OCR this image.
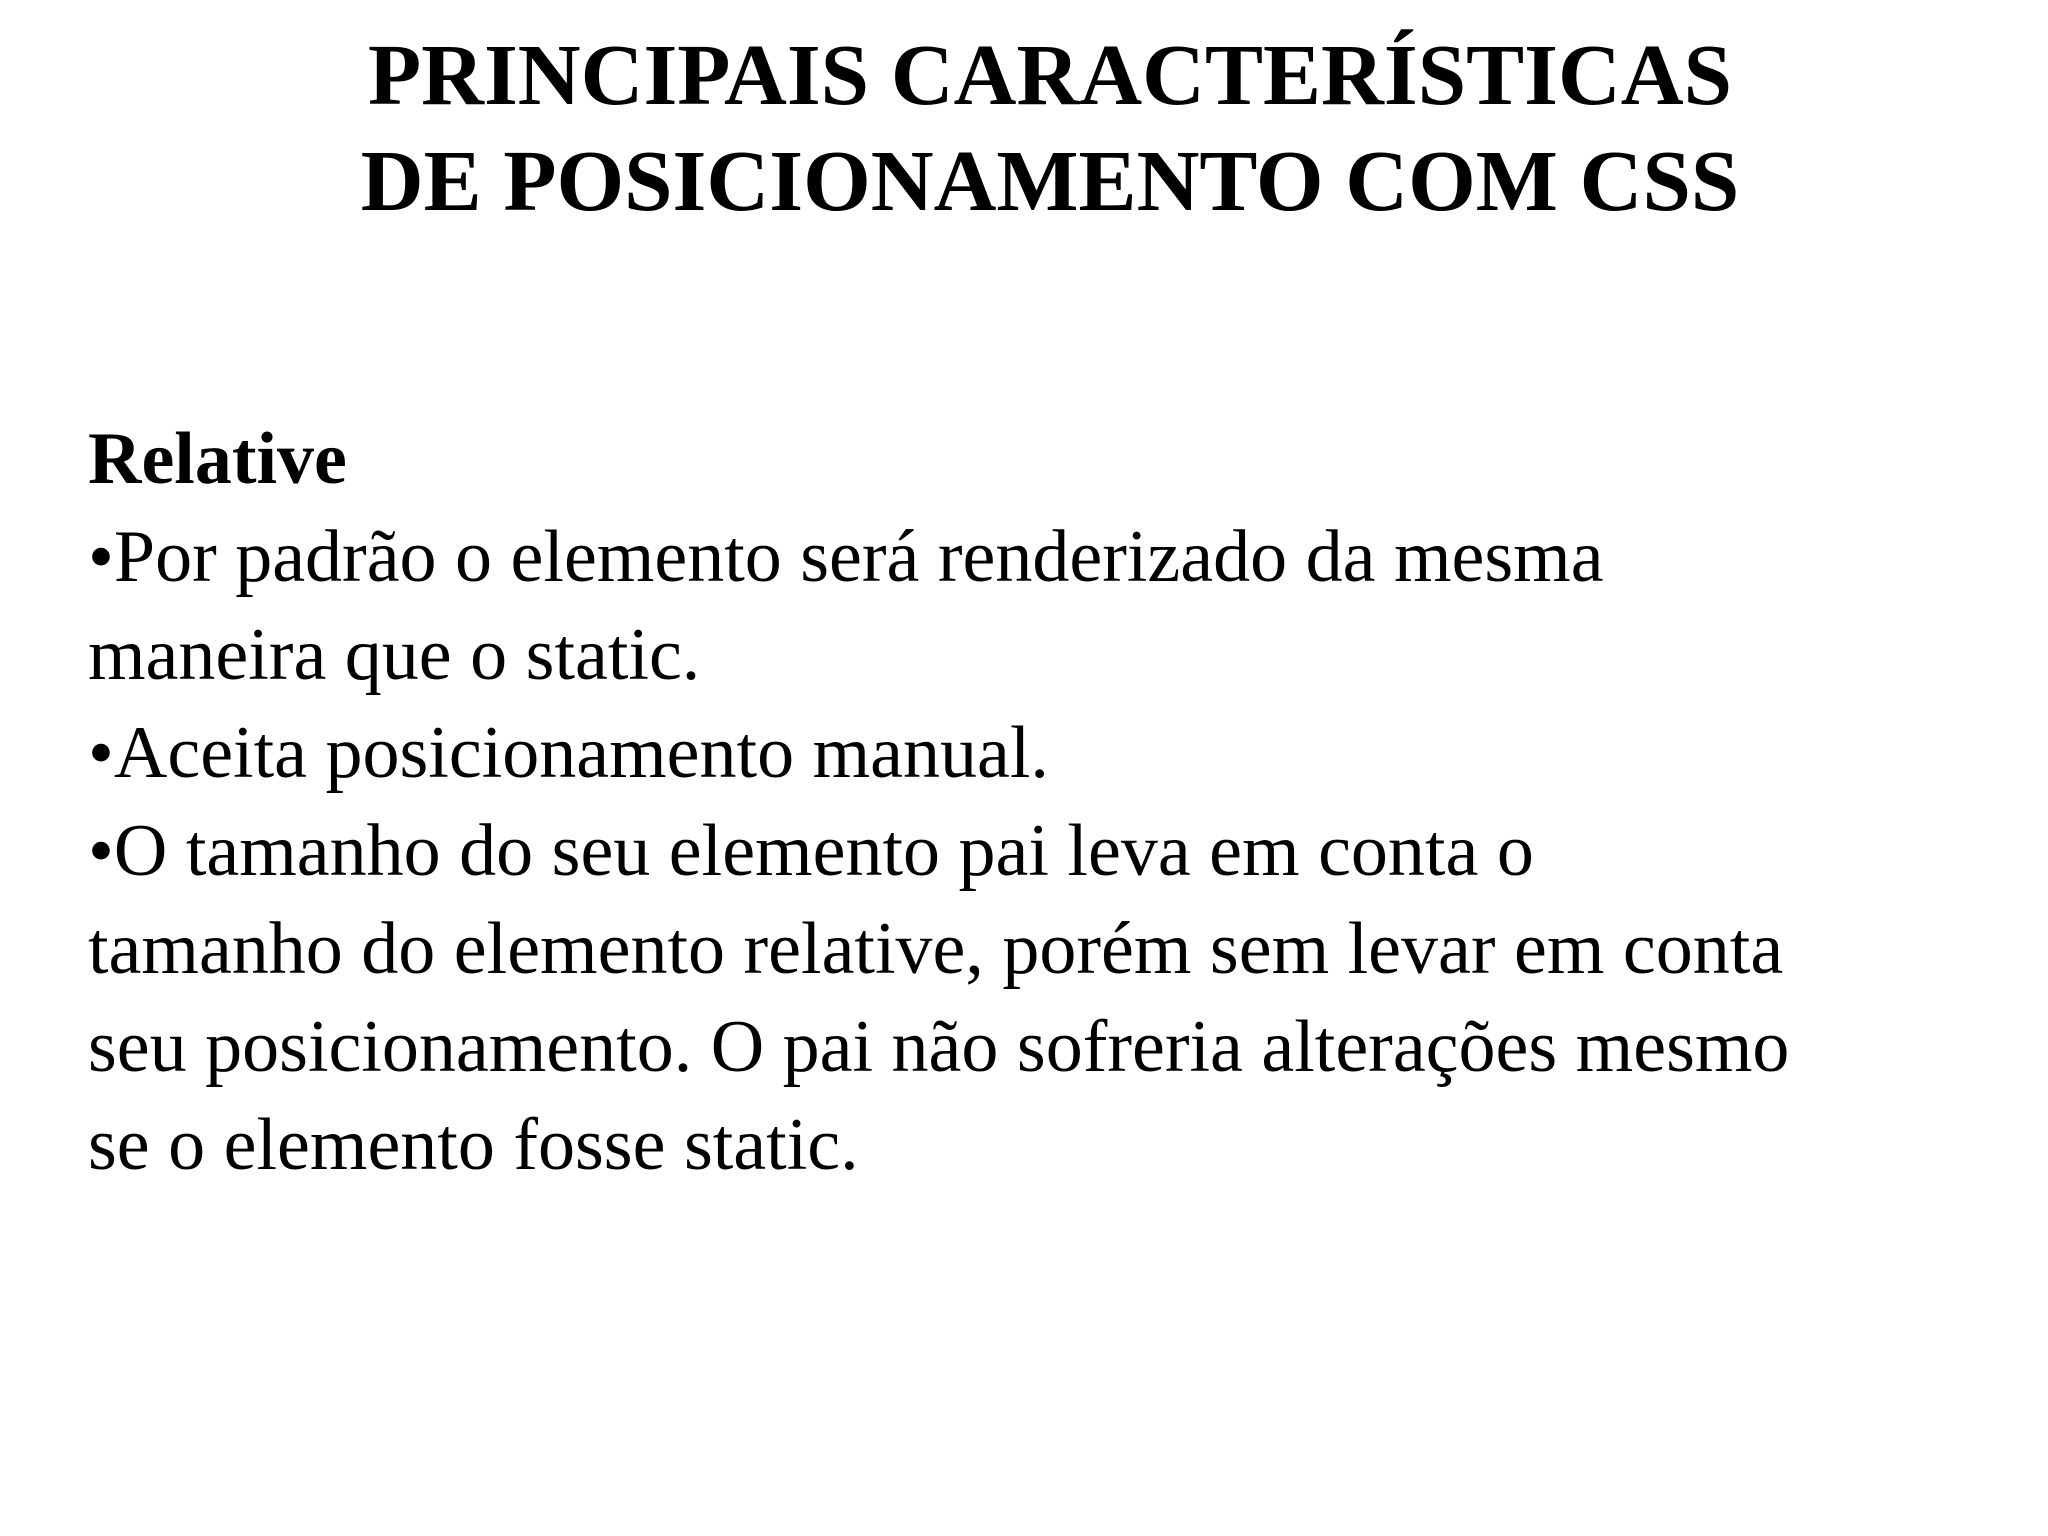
PRINCIPAIS CARACTERÍSTICAS
DE POSICIONAMENTO COM CSS
Relative
•Por padrão o elemento será renderizado da mesma
maneira que o static.
•Aceita posicionamento manual.
•O tamanho do seu elemento pai leva em conta o
tamanho do elemento relative, porém sem levar em conta
seu posicionamento. O pai não sofreria alterações mesmo
se o elemento fosse static.
